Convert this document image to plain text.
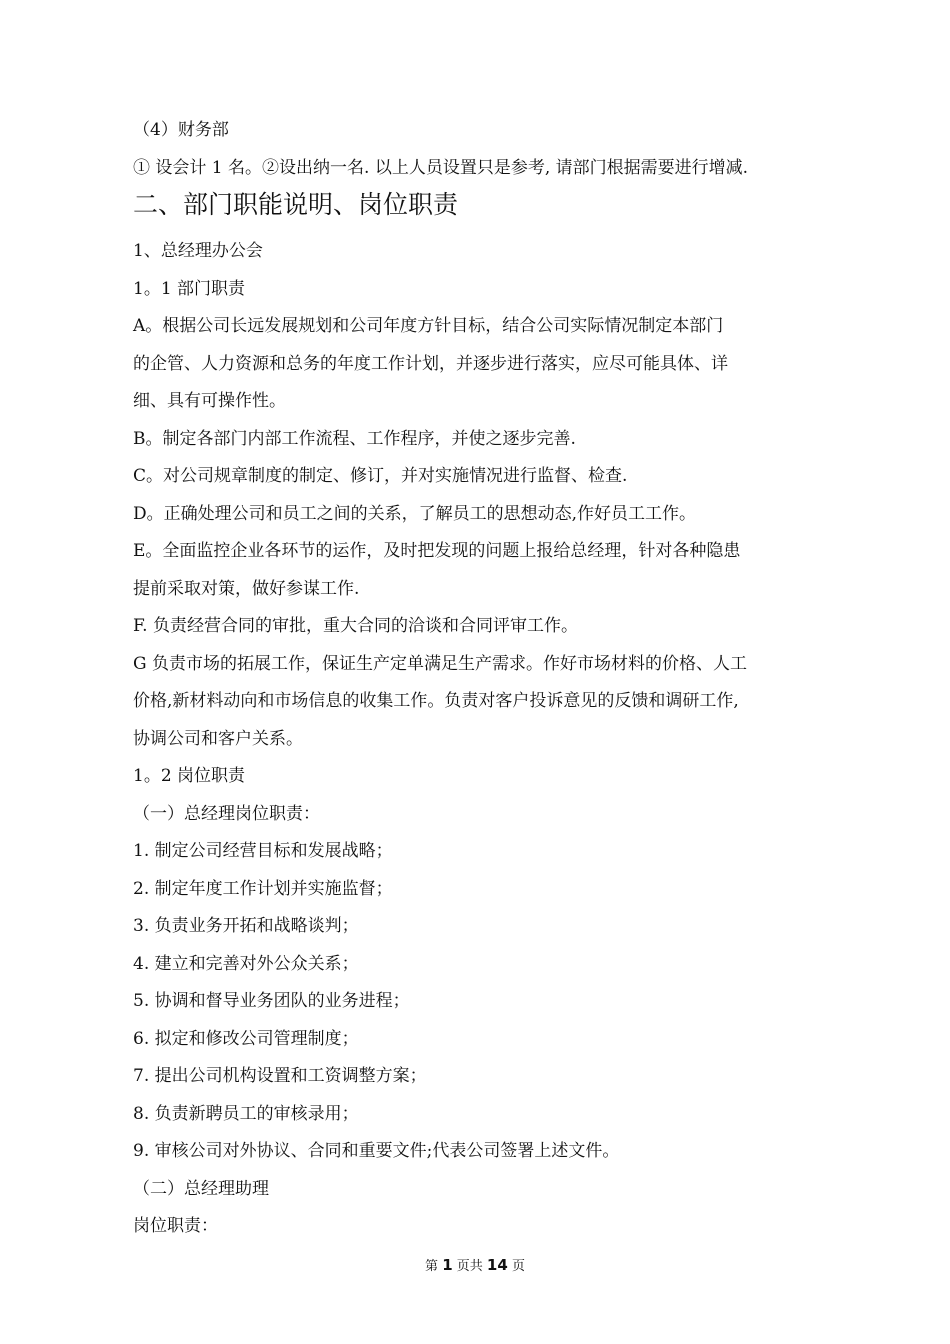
（4）财务部
① 设会计 1 名。②设出纳一名. 以上人员设置只是参考, 请部门根据需要进行增减.
二、部门职能说明、岗位职责
1、总经理办公会
1。1 部门职责
A。根据公司长远发展规划和公司年度方针目标，结合公司实际情况制定本部门
的企管、人力资源和总务的年度工作计划，并逐步进行落实，应尽可能具体、详
细、具有可操作性。
B。制定各部门内部工作流程、工作程序，并使之逐步完善.
C。对公司规章制度的制定、修订，并对实施情况进行监督、检查.
D。正确处理公司和员工之间的关系，了解员工的思想动态,作好员工工作。
E。全面监控企业各环节的运作，及时把发现的问题上报给总经理，针对各种隐患
提前采取对策，做好参谋工作.
F. 负责经营合同的审批，重大合同的洽谈和合同评审工作。
G 负责市场的拓展工作，保证生产定单满足生产需求。作好市场材料的价格、人工
价格,新材料动向和市场信息的收集工作。负责对客户投诉意见的反馈和调研工作,
协调公司和客户关系。
1。2 岗位职责
（一）总经理岗位职责：
1. 制定公司经营目标和发展战略；
2. 制定年度工作计划并实施监督；
3. 负责业务开拓和战略谈判；
4. 建立和完善对外公众关系；
5. 协调和督导业务团队的业务进程；
6. 拟定和修改公司管理制度；
7. 提出公司机构设置和工资调整方案；
8. 负责新聘员工的审核录用；
9. 审核公司对外协议、合同和重要文件;代表公司签署上述文件。
（二）总经理助理
岗位职责：
第 1 页共 14 页
